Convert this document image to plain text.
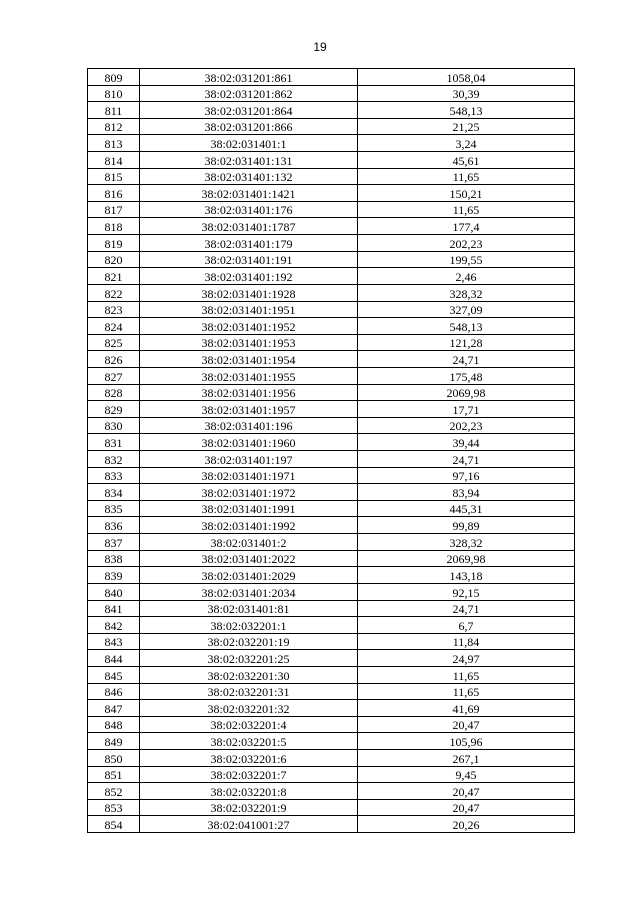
19
809	38:02:031201:861	1058,04
810	38:02:031201:862	30,39
811	38:02:031201:864	548,13
812	38:02:031201:866	21,25
813	38:02:031401:1	3,24
814	38:02:031401:131	45,61
815	38:02:031401:132	11,65
816	38:02:031401:1421	150,21
817	38:02:031401:176	11,65
818	38:02:031401:1787	177,4
819	38:02:031401:179	202,23
820	38:02:031401:191	199,55
821	38:02:031401:192	2,46
822	38:02:031401:1928	328,32
823	38:02:031401:1951	327,09
824	38:02:031401:1952	548,13
825	38:02:031401:1953	121,28
826	38:02:031401:1954	24,71
827	38:02:031401:1955	175,48
828	38:02:031401:1956	2069,98
829	38:02:031401:1957	17,71
830	38:02:031401:196	202,23
831	38:02:031401:1960	39,44
832	38:02:031401:197	24,71
833	38:02:031401:1971	97,16
834	38:02:031401:1972	83,94
835	38:02:031401:1991	445,31
836	38:02:031401:1992	99,89
837	38:02:031401:2	328,32
838	38:02:031401:2022	2069,98
839	38:02:031401:2029	143,18
840	38:02:031401:2034	92,15
841	38:02:031401:81	24,71
842	38:02:032201:1	6,7
843	38:02:032201:19	11,84
844	38:02:032201:25	24,97
845	38:02:032201:30	11,65
846	38:02:032201:31	11,65
847	38:02:032201:32	41,69
848	38:02:032201:4	20,47
849	38:02:032201:5	105,96
850	38:02:032201:6	267,1
851	38:02:032201:7	9,45
852	38:02:032201:8	20,47
853	38:02:032201:9	20,47
854	38:02:041001:27	20,26
